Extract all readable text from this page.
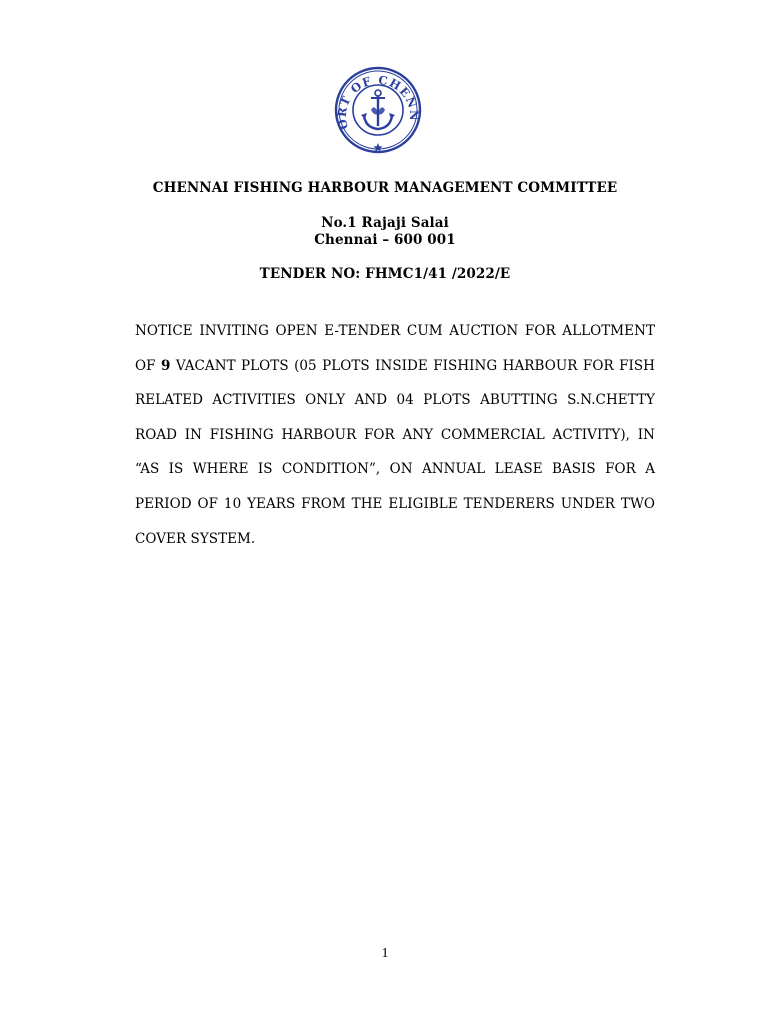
ORT OF CHENN
CHENNAI FISHING HARBOUR MANAGEMENT COMMITTEE
No.1 Rajaji Salai
Chennai – 600 001
TENDER NO: FHMC1/41 /2022/E

NOTICE INVITING OPEN E-TENDER CUM AUCTION FOR ALLOTMENT OF 9 VACANT PLOTS (05 PLOTS INSIDE FISHING HARBOUR FOR FISH RELATED ACTIVITIES ONLY AND 04 PLOTS ABUTTING S.N.CHETTY ROAD IN FISHING HARBOUR FOR ANY COMMERCIAL ACTIVITY), IN “AS IS WHERE IS CONDITION”, ON ANNUAL LEASE BASIS FOR A PERIOD OF 10 YEARS FROM THE ELIGIBLE TENDERERS UNDER TWO COVER SYSTEM.

1
